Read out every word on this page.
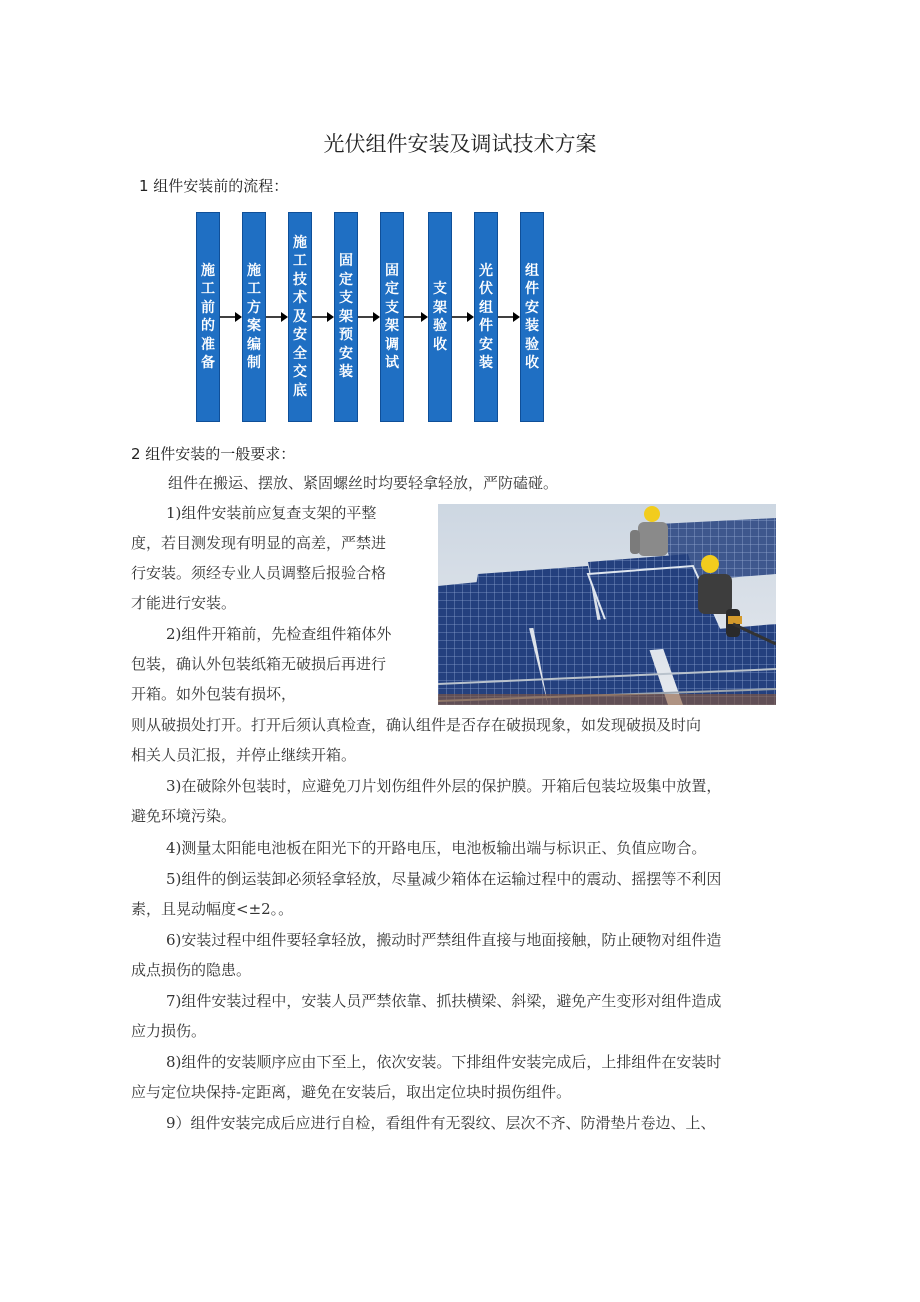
光伏组件安装及调试技术方案
1 组件安装前的流程：
施工前的准备
施工方案编制
施工技术及安全交底
固定支架预安装
固定支架调试
支架验收
光伏组件安装
组件安装验收
2 组件安装的一般要求：

组件在搬运、摆放、紧固螺丝时均要轻拿轻放，严防磕碰。

1)组件安装前应复查支架的平整

度，若目测发现有明显的高差，严禁进

行安装。须经专业人员调整后报验合格

才能进行安装。

2)组件开箱前，先检查组件箱体外

包装，确认外包装纸箱无破损后再进行

开箱。如外包装有损坏，

则从破损处打开。打开后须认真检查，确认组件是否存在破损现象，如发现破损及时向

相关人员汇报，并停止继续开箱。

3)在破除外包装时，应避免刀片划伤组件外层的保护膜。开箱后包装垃圾集中放置，

避免环境污染。

4)测量太阳能电池板在阳光下的开路电压，电池板输出端与标识正、负值应吻合。

5)组件的倒运装卸必须轻拿轻放，尽量减少箱体在运输过程中的震动、摇摆等不利因

素，且晃动幅度<±2。。

6)安装过程中组件要轻拿轻放，搬动时严禁组件直接与地面接触，防止硬物对组件造

成点损伤的隐患。

7)组件安装过程中，安装人员严禁依靠、抓扶横梁、斜梁，避免产生变形对组件造成

应力损伤。

8)组件的安装顺序应由下至上，依次安装。下排组件安装完成后，上排组件在安装时

应与定位块保持-定距离，避免在安装后，取出定位块时损伤组件。

9）组件安装完成后应进行自检，看组件有无裂纹、层次不齐、防滑垫片卷边、上、
